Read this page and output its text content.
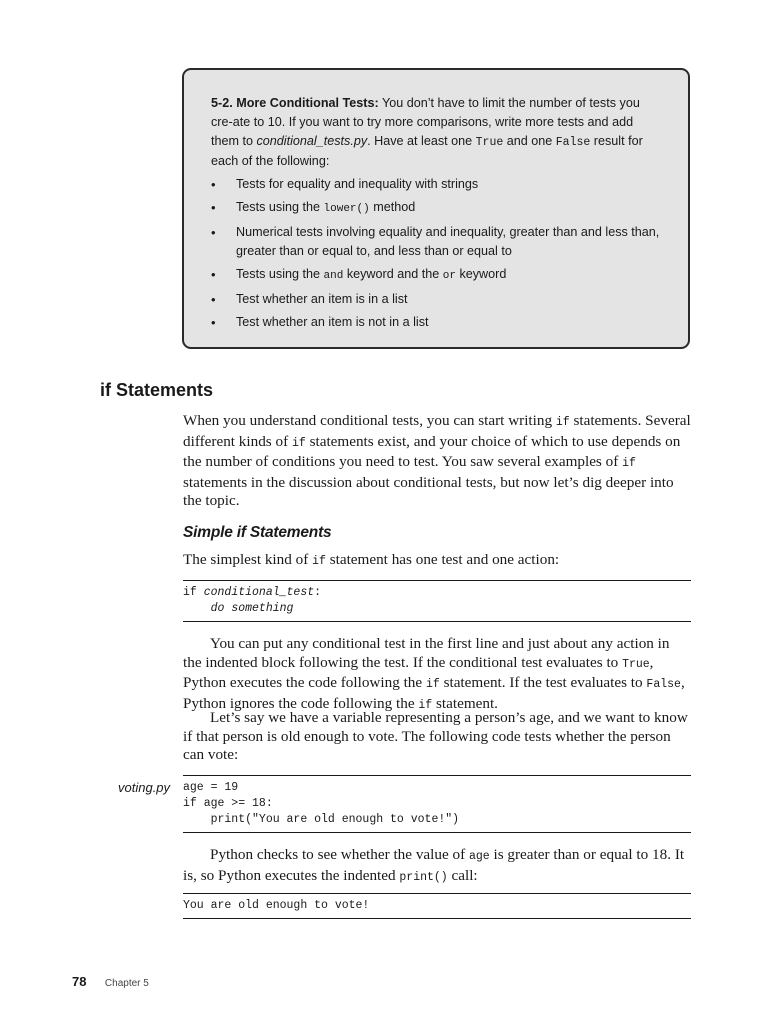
5-2. More Conditional Tests: You don’t have to limit the number of tests you cre-ate to 10. If you want to try more comparisons, write more tests and add them to conditional_tests.py. Have at least one True and one False result for each of the following:

• Tests for equality and inequality with strings
• Tests using the lower() method
• Numerical tests involving equality and inequality, greater than and less than, greater than or equal to, and less than or equal to
• Tests using the and keyword and the or keyword
• Test whether an item is in a list
• Test whether an item is not in a list
if Statements

When you understand conditional tests, you can start writing if statements. Several different kinds of if statements exist, and your choice of which to use depends on the number of conditions you need to test. You saw several examples of if statements in the discussion about conditional tests, but now let’s dig deeper into the topic.

Simple if Statements

The simplest kind of if statement has one test and one action:

if conditional_test:
do something

You can put any conditional test in the first line and just about any action in the indented block following the test. If the conditional test evaluates to True, Python executes the code following the if statement. If the test evaluates to False, Python ignores the code following the if statement.

Let’s say we have a variable representing a person’s age, and we want to know if that person is old enough to vote. The following code tests whether the person can vote:

voting.py age = 19
if age >= 18:
print("You are old enough to vote!")

Python checks to see whether the value of age is greater than or equal to 18. It is, so Python executes the indented print() call:

You are old enough to vote!
78 Chapter 5
